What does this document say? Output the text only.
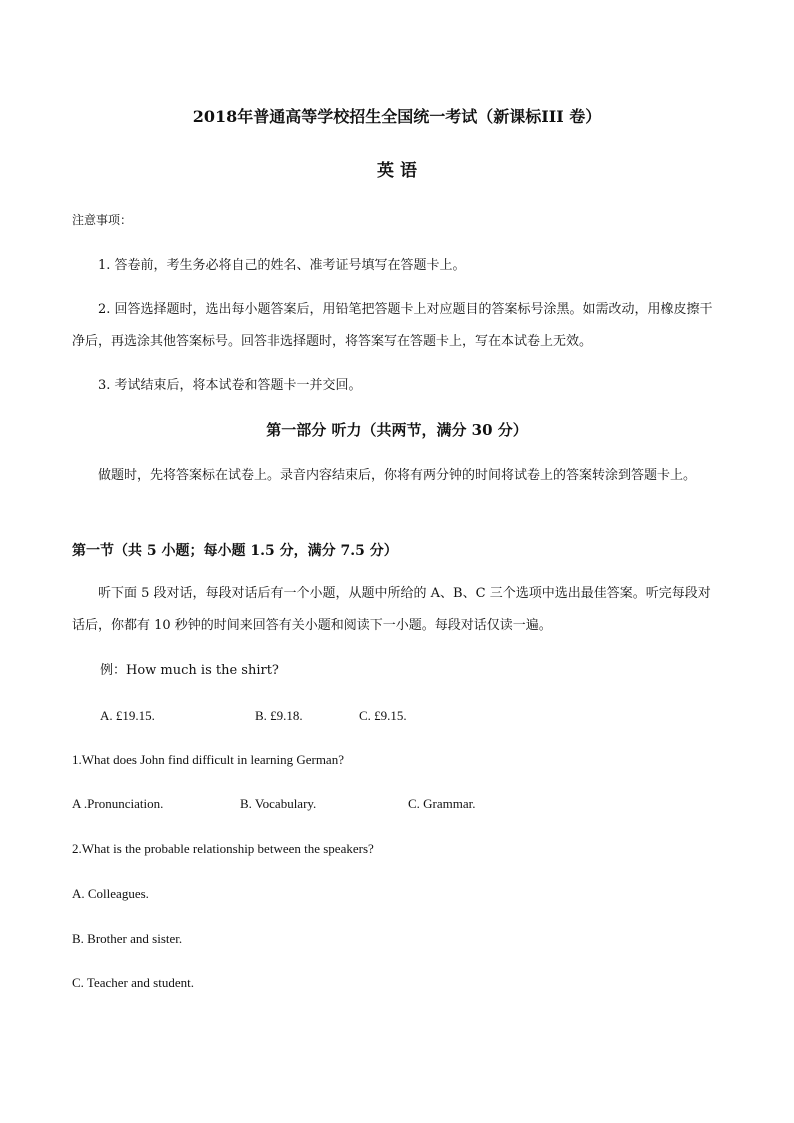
2018年普通高等学校招生全国统一考试（新课标III 卷）
英 语
注意事项：
1. 答卷前，考生务必将自己的姓名、准考证号填写在答题卡上。
2. 回答选择题时，选出每小题答案后，用铅笔把答题卡上对应题目的答案标号涂黑。如需改动，用橡皮擦干净后，再选涂其他答案标号。回答非选择题时，将答案写在答题卡上，写在本试卷上无效。
3. 考试结束后，将本试卷和答题卡一并交回。
第一部分 听力（共两节，满分 30 分）
做题时，先将答案标在试卷上。录音内容结束后，你将有两分钟的时间将试卷上的答案转涂到答题卡上。
第一节（共 5 小题；每小题 1.5 分，满分 7.5 分）
听下面 5 段对话，每段对话后有一个小题，从题中所给的 A、B、C 三个选项中选出最佳答案。听完每段对话后，你都有 10 秒钟的时间来回答有关小题和阅读下一小题。每段对话仅读一遍。
例：How much is the shirt?
A. £19.15.	B. £9.18.	C. £9.15.
1.What does John find difficult in learning German?
A .Pronunciation.	B. Vocabulary.	C. Grammar.
2.What is the probable relationship between the speakers?
A. Colleagues.
B. Brother and sister.
C. Teacher and student.
